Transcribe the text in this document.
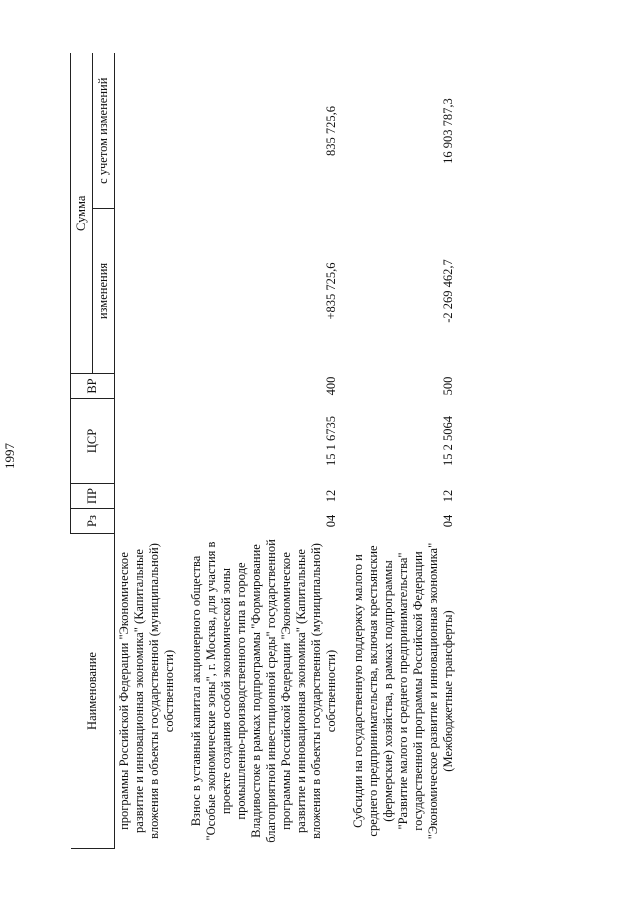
1997
Наименование	Рз	ПР	ЦСР	ВР	Сумма	
					изменения	с учетом изменений

программы Российской Федерации "Экономическое развитие и инновационная экономика" (Капитальные вложения в объекты государственной (муниципальной) собственности)						

Взнос в уставный капитал акционерного общества "Особые экономические зоны", г. Москва, для участия в проекте создания особой экономической зоны промышленно-производственного типа в городе Владивостоке в рамках подпрограммы "Формирование благоприятной инвестиционной среды" государственной программы Российской Федерации "Экономическое развитие и инновационная экономика" (Капитальные вложения в объекты государственной (муниципальной) собственности)	04	12	15 1 6735	400	+835 725,6	835 725,6

Субсидии на государственную поддержку малого и среднего предпринимательства, включая крестьянские (фермерские) хозяйства, в рамках подпрограммы "Развитие малого и среднего предпринимательства" государственной программы Российской Федерации "Экономическое развитие и инновационная экономика" (Межбюджетные трансферты)	04	12	15 2 5064	500	-2 269 462,7	16 903 787,3
